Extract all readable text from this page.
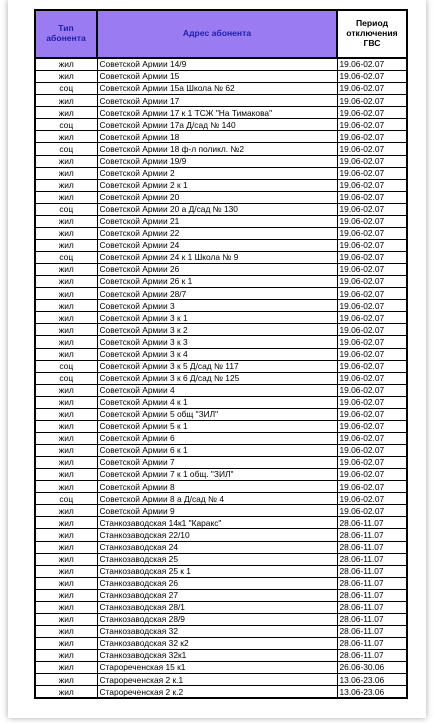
Тип абонента	Адрес абонента	Период отключения ГВС
жил	Советской Армии 14/9	19.06-02.07
жил	Советской Армии 15	19.06-02.07
соц	Советской Армии 15а Школа № 62	19.06-02.07
жил	Советской Армии 17	19.06-02.07
жил	Советской Армии 17 к 1 ТСЖ "На Тимакова"	19.06-02.07
соц	Советской Армии 17а Д/сад № 140	19.06-02.07
жил	Советской Армии 18	19.06-02.07
соц	Советской Армии 18 ф-л поликл. №2	19.06-02.07
жил	Советской Армии 19/9	19.06-02.07
жил	Советской Армии 2	19.06-02.07
жил	Советской Армии 2 к 1	19.06-02.07
жил	Советской Армии 20	19.06-02.07
соц	Советской Армии 20 а Д/сад № 130	19.06-02.07
жил	Советской Армии 21	19.06-02.07
жил	Советской Армии 22	19.06-02.07
жил	Советской Армии 24	19.06-02.07
соц	Советской Армии 24 к 1 Школа № 9	19.06-02.07
жил	Советской Армии 26	19.06-02.07
жил	Советской Армии 26 к 1	19.06-02.07
жил	Советской Армии 28/7	19.06-02.07
жил	Советской Армии 3	19.06-02.07
жил	Советской Армии 3 к 1	19.06-02.07
жил	Советской Армии 3 к 2	19.06-02.07
жил	Советской Армии 3 к 3	19.06-02.07
жил	Советской Армии 3 к 4	19.06-02.07
соц	Советской Армии 3 к 5 Д/сад № 117	19.06-02.07
соц	Советской Армии 3 к 6 Д/сад № 125	19.06-02.07
жил	Советской Армии 4	19.06-02.07
жил	Советской Армии 4 к 1	19.06-02.07
жил	Советской Армии 5 общ "ЗИЛ"	19.06-02.07
жил	Советской Армии 5 к 1	19.06-02.07
жил	Советской Армии 6	19.06-02.07
жил	Советской Армии 6 к 1	19.06-02.07
жил	Советской Армии 7	19.06-02.07
жил	Советской Армии 7 к 1 общ. "ЗИЛ"	19.06-02.07
жил	Советской Армии 8	19.06-02.07
соц	Советской Армии 8 а Д/сад № 4	19.06-02.07
жил	Советской Армии 9	19.06-02.07
жил	Станкозаводская 14к1 "Каракс"	28.06-11.07
жил	Станкозаводская 22/10	28.06-11.07
жил	Станкозаводская 24	28.06-11.07
жил	Станкозаводская 25	28.06-11.07
жил	Станкозаводская 25 к 1	28.06-11.07
жил	Станкозаводская 26	28.06-11.07
жил	Станкозаводская 27	28.06-11.07
жил	Станкозаводская 28/1	28.06-11.07
жил	Станкозаводская 28/9	28.06-11.07
жил	Станкозаводская 32	28.06-11.07
жил	Станкозаводская 32 к2	28.06-11.07
жил	Станкозаводская 32к1	28.06-11.07
жил	Старореченская 15 к1	26.06-30.06
жил	Старореченская 2 к.1	13.06-23.06
жил	Старореченская 2 к.2	13.06-23.06
